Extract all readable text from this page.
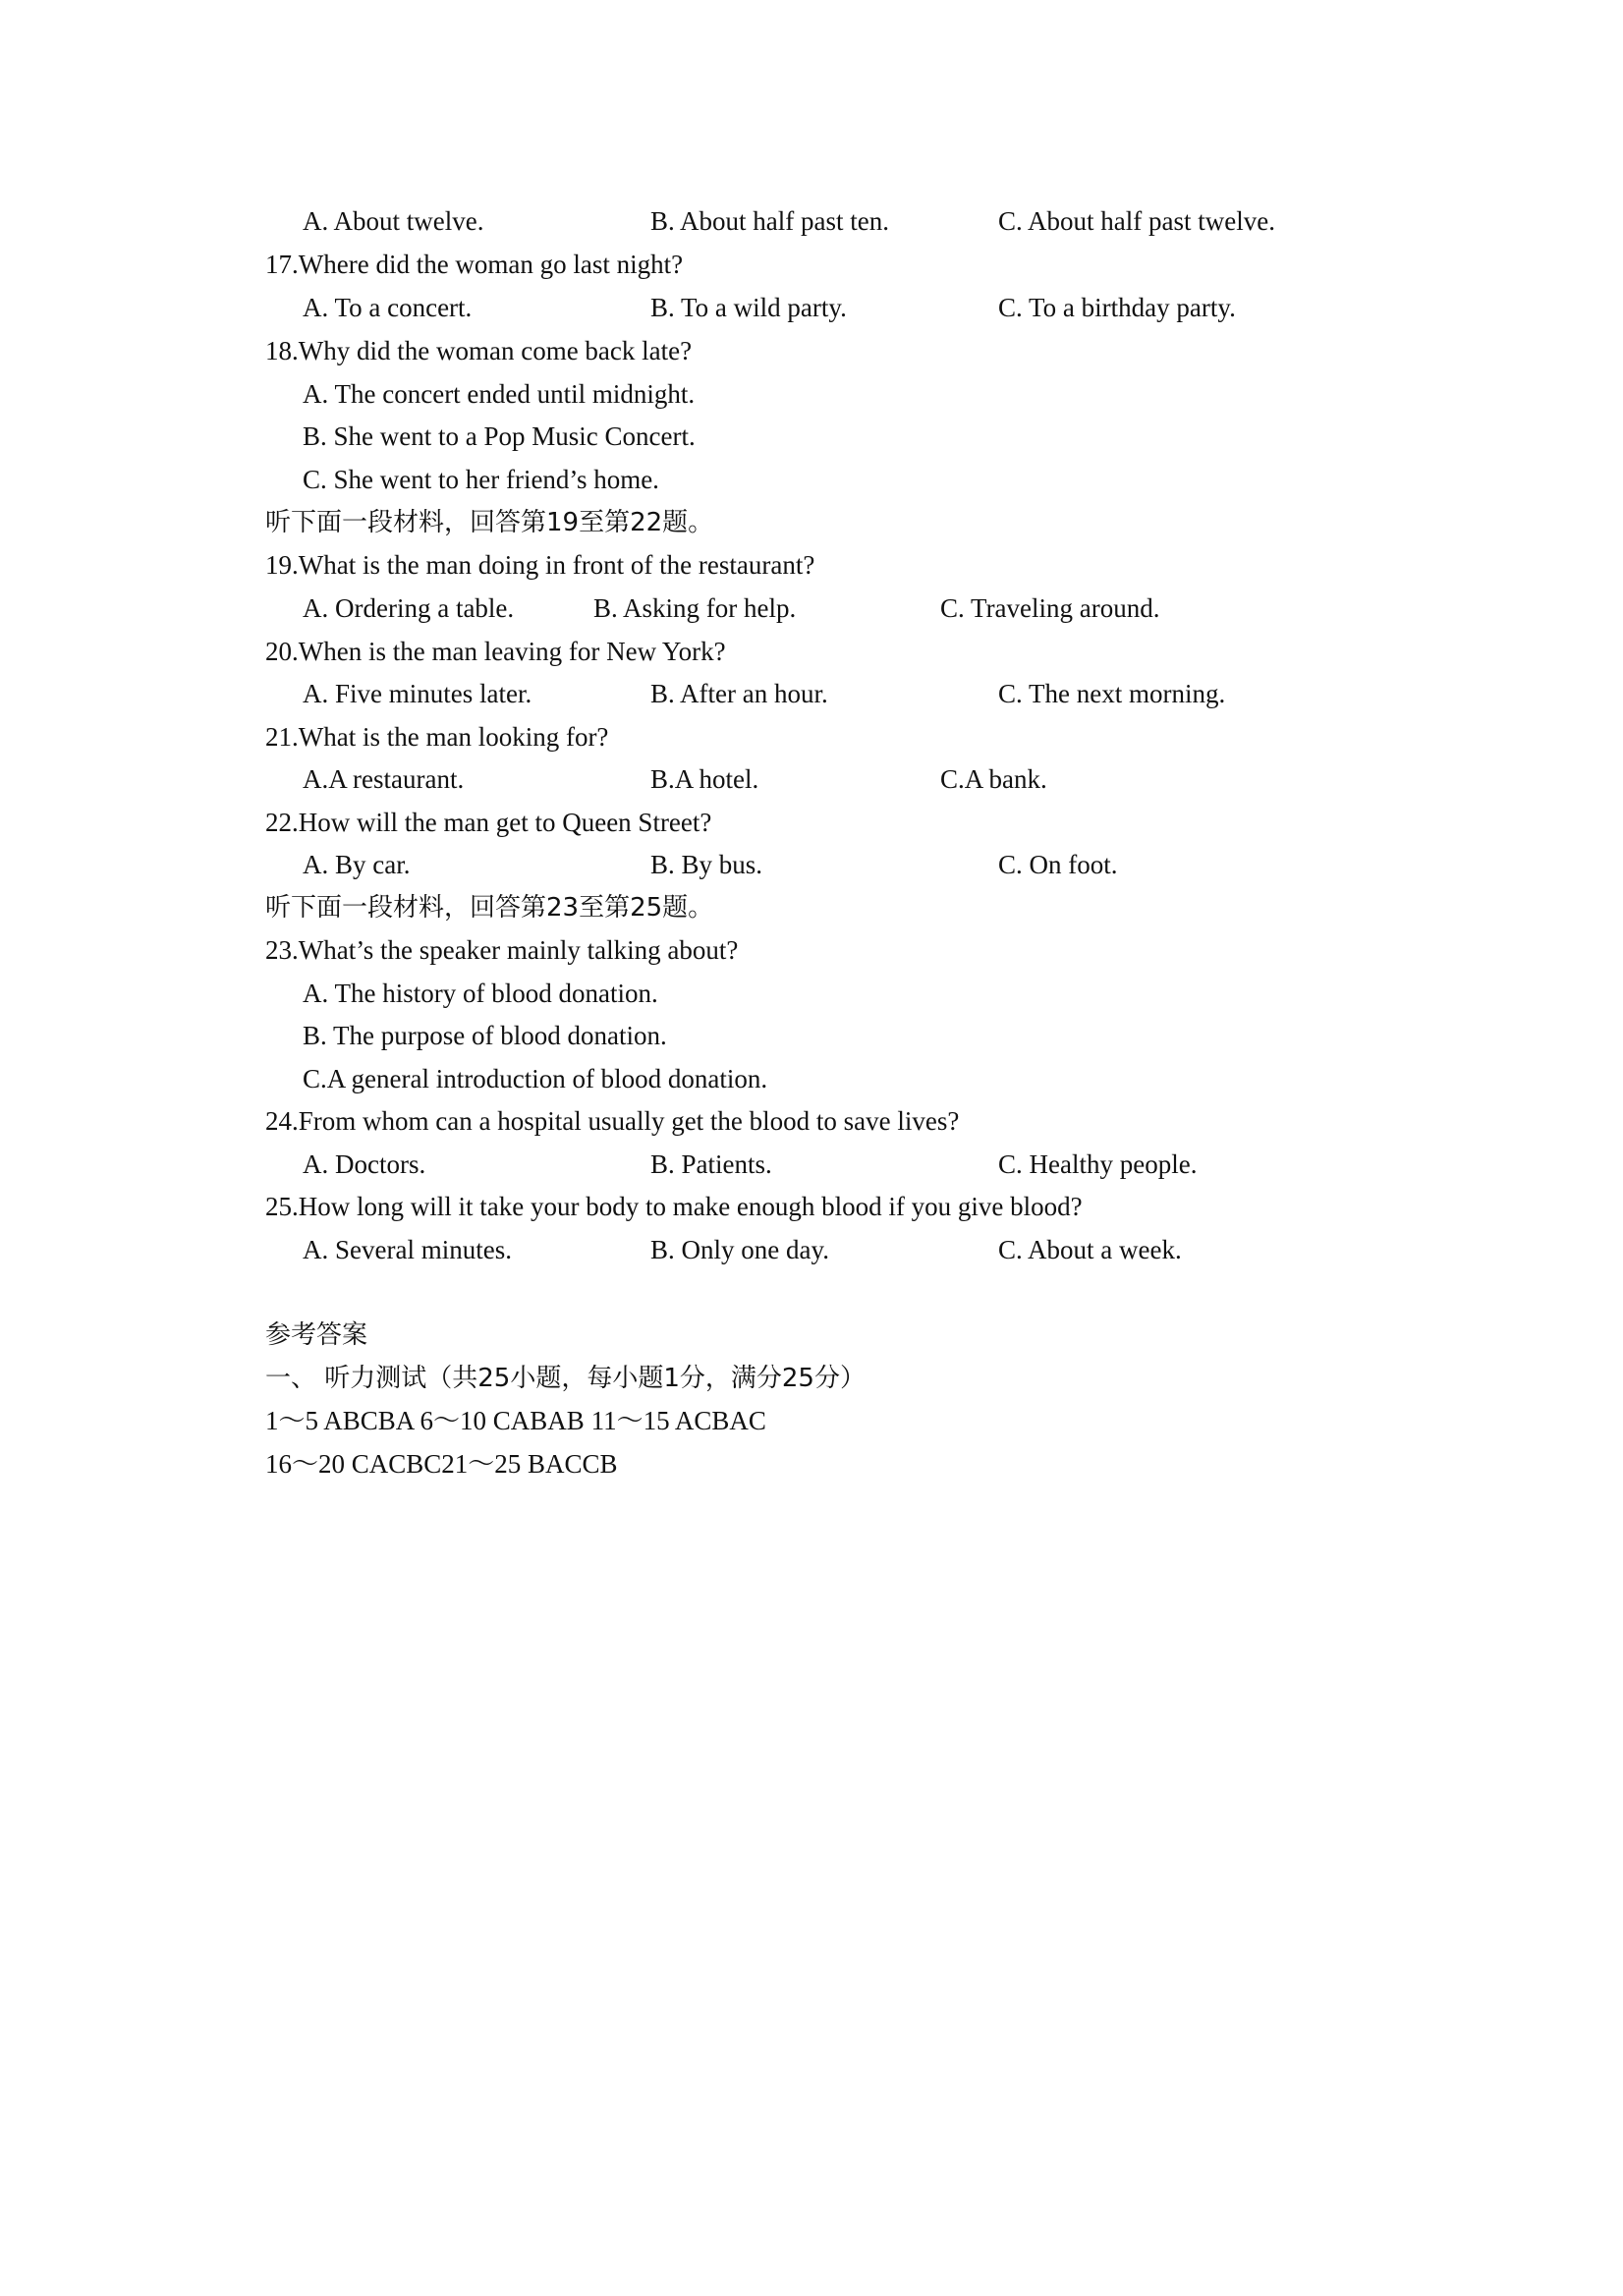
A. About twelve.	B. About half past ten.	C. About half past twelve.
17.Where did the woman go last night?
A. To a concert.	B. To a wild party.	C. To a birthday party.
18.Why did the woman come back late?
A. The concert ended until midnight.
B. She went to a Pop Music Concert.
C. She went to her friend’s home.
听下面一段材料，回答第19至第22题。
19.What is the man doing in front of the restaurant?
A. Ordering a table.	B. Asking for help.	C. Traveling around.
20.When is the man leaving for New York?
A. Five minutes later.	B. After an hour.	C. The next morning.
21.What is the man looking for?
A.A restaurant.	B.A hotel.	C.A bank.
22.How will the man get to Queen Street?
A. By car.	B. By bus.	C. On foot.
听下面一段材料，回答第23至第25题。
23.What’s the speaker mainly talking about?
A. The history of blood donation.
B. The purpose of blood donation.
C.A general introduction of blood donation.
24.From whom can a hospital usually get the blood to save lives?
A. Doctors.	B. Patients.	C. Healthy people.
25.How long will it take your body to make enough blood if you give blood?
A. Several minutes.	B. Only one day.	C. About a week.
参考答案
一、 听力测试（共25小题，每小题1分，满分25分）
1～5 ABCBA 6～10 CABAB 11～15 ACBAC
16～20 CACBC21～25 BACCB
